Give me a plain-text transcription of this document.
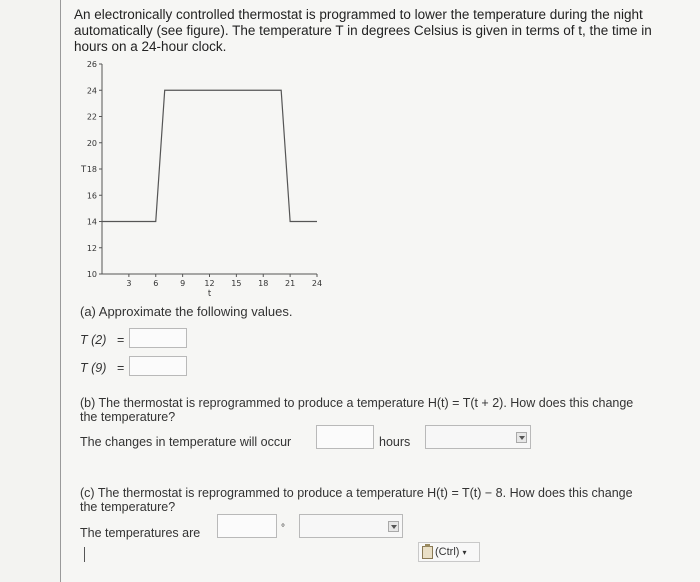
An electronically controlled thermostat is programmed to lower the temperature during the night automatically (see figure). The temperature T in degrees Celsius is given in terms of t, the time in hours on a 24-hour clock.
10
12
14
16
18
20
22
24
26
3	6	9 12 15 18 21 24
T
t
(a) Approximate the following values.
T (2) =
T (9) =
(b) The thermostat is reprogrammed to produce a temperature H(t) = T(t + 2). How does this change the temperature?
The changes in temperature will occur	hours
(c) The thermostat is reprogrammed to produce a temperature H(t) = T(t) − 8. How does this change the temperature?
The temperatures are	°
(Ctrl) ▾
